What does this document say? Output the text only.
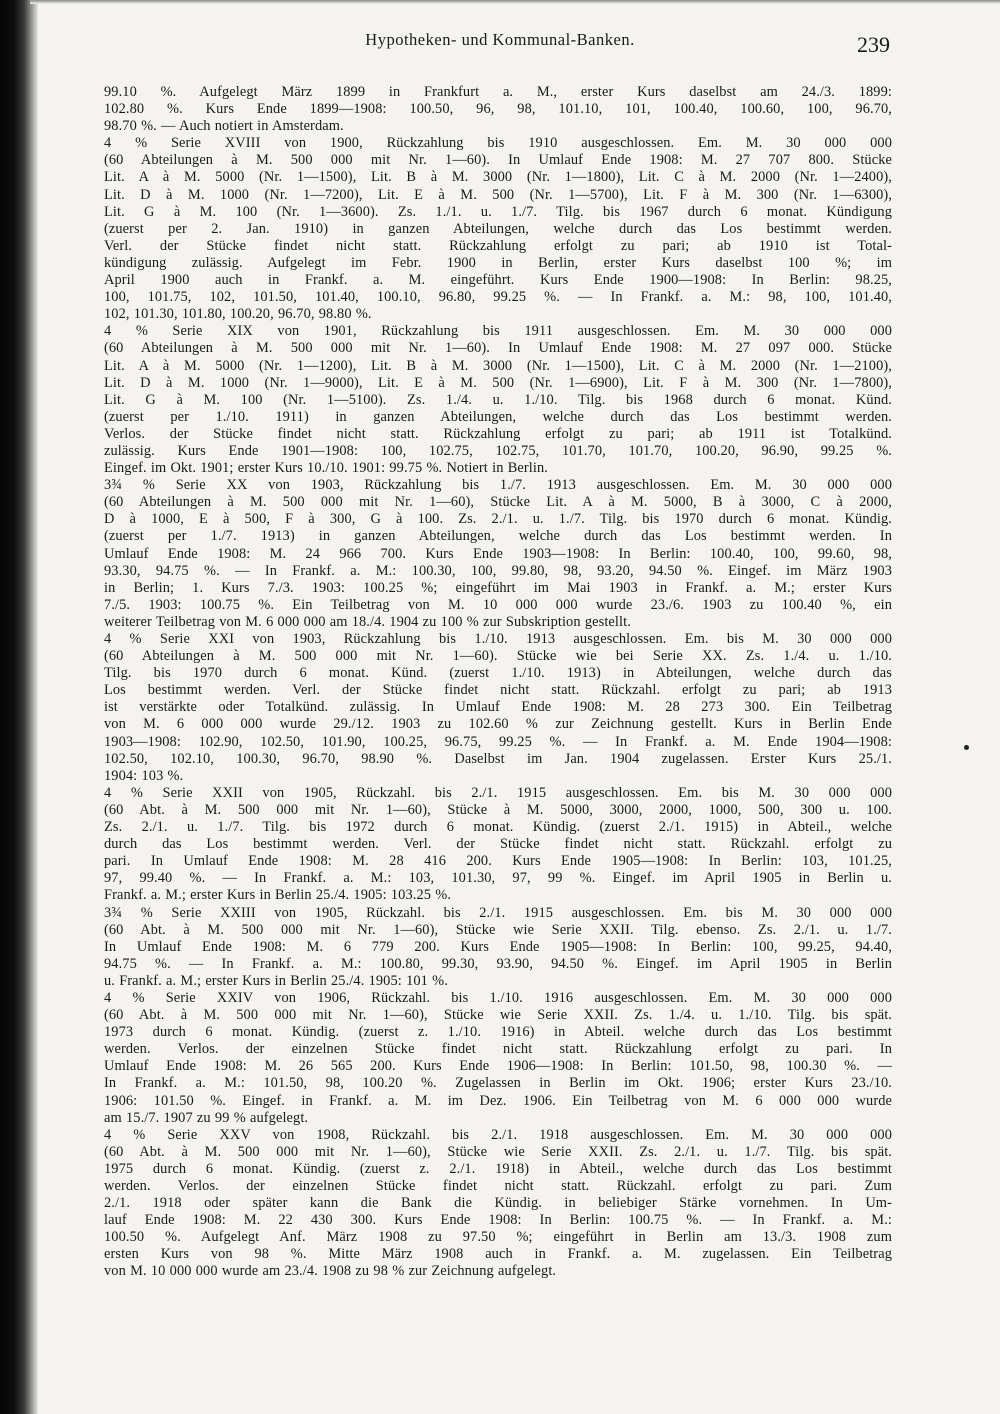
Hypotheken- und Kommunal-Banken.	239
99.10 %. Aufgelegt März 1899 in Frankfurt a. M., erster Kurs daselbst am 24./3. 1899:
102.80 %. Kurs Ende 1899—1908: 100.50, 96, 98, 101.10, 101, 100.40, 100.60, 100, 96.70,
98.70 %. — Auch notiert in Amsterdam.
4 % Serie XVIII von 1900, Rückzahlung bis 1910 ausgeschlossen. Em. M. 30 000 000
(60 Abteilungen à M. 500 000 mit Nr. 1—60). In Umlauf Ende 1908: M. 27 707 800. Stücke
Lit. A à M. 5000 (Nr. 1—1500), Lit. B à M. 3000 (Nr. 1—1800), Lit. C à M. 2000 (Nr. 1—2400),
Lit. D à M. 1000 (Nr. 1—7200), Lit. E à M. 500 (Nr. 1—5700), Lit. F à M. 300 (Nr. 1—6300),
Lit. G à M. 100 (Nr. 1—3600). Zs. 1./1. u. 1./7. Tilg. bis 1967 durch 6 monat. Kündigung
(zuerst per 2. Jan. 1910) in ganzen Abteilungen, welche durch das Los bestimmt werden.
Verl. der Stücke findet nicht statt. Rückzahlung erfolgt zu pari; ab 1910 ist Total-
kündigung zulässig. Aufgelegt im Febr. 1900 in Berlin, erster Kurs daselbst 100 %; im
April 1900 auch in Frankf. a. M. eingeführt. Kurs Ende 1900—1908: In Berlin: 98.25,
100, 101.75, 102, 101.50, 101.40, 100.10, 96.80, 99.25 %. — In Frankf. a. M.: 98, 100, 101.40,
102, 101.30, 101.80, 100.20, 96.70, 98.80 %.
4 % Serie XIX von 1901, Rückzahlung bis 1911 ausgeschlossen. Em. M. 30 000 000
(60 Abteilungen à M. 500 000 mit Nr. 1—60). In Umlauf Ende 1908: M. 27 097 000. Stücke
Lit. A à M. 5000 (Nr. 1—1200), Lit. B à M. 3000 (Nr. 1—1500), Lit. C à M. 2000 (Nr. 1—2100),
Lit. D à M. 1000 (Nr. 1—9000), Lit. E à M. 500 (Nr. 1—6900), Lit. F à M. 300 (Nr. 1—7800),
Lit. G à M. 100 (Nr. 1—5100). Zs. 1./4. u. 1./10. Tilg. bis 1968 durch 6 monat. Künd.
(zuerst per 1./10. 1911) in ganzen Abteilungen, welche durch das Los bestimmt werden.
Verlos. der Stücke findet nicht statt. Rückzahlung erfolgt zu pari; ab 1911 ist Totalkünd.
zulässig. Kurs Ende 1901—1908: 100, 102.75, 102.75, 101.70, 101.70, 100.20, 96.90, 99.25 %.
Eingef. im Okt. 1901; erster Kurs 10./10. 1901: 99.75 %. Notiert in Berlin.
3¾ % Serie XX von 1903, Rückzahlung bis 1./7. 1913 ausgeschlossen. Em. M. 30 000 000
(60 Abteilungen à M. 500 000 mit Nr. 1—60), Stücke Lit. A à M. 5000, B à 3000, C à 2000,
D à 1000, E à 500, F à 300, G à 100. Zs. 2./1. u. 1./7. Tilg. bis 1970 durch 6 monat. Kündig.
(zuerst per 1./7. 1913) in ganzen Abteilungen, welche durch das Los bestimmt werden. In
Umlauf Ende 1908: M. 24 966 700. Kurs Ende 1903—1908: In Berlin: 100.40, 100, 99.60, 98,
93.30, 94.75 %. — In Frankf. a. M.: 100.30, 100, 99.80, 98, 93.20, 94.50 %. Eingef. im März 1903
in Berlin; 1. Kurs 7./3. 1903: 100.25 %; eingeführt im Mai 1903 in Frankf. a. M.; erster Kurs
7./5. 1903: 100.75 %. Ein Teilbetrag von M. 10 000 000 wurde 23./6. 1903 zu 100.40 %, ein
weiterer Teilbetrag von M. 6 000 000 am 18./4. 1904 zu 100 % zur Subskription gestellt.
4 % Serie XXI von 1903, Rückzahlung bis 1./10. 1913 ausgeschlossen. Em. bis M. 30 000 000
(60 Abteilungen à M. 500 000 mit Nr. 1—60). Stücke wie bei Serie XX. Zs. 1./4. u. 1./10.
Tilg. bis 1970 durch 6 monat. Künd. (zuerst 1./10. 1913) in Abteilungen, welche durch das
Los bestimmt werden. Verl. der Stücke findet nicht statt. Rückzahl. erfolgt zu pari; ab 1913
ist verstärkte oder Totalkünd. zulässig. In Umlauf Ende 1908: M. 28 273 300. Ein Teilbetrag
von M. 6 000 000 wurde 29./12. 1903 zu 102.60 % zur Zeichnung gestellt. Kurs in Berlin Ende
1903—1908: 102.90, 102.50, 101.90, 100.25, 96.75, 99.25 %. — In Frankf. a. M. Ende 1904—1908:
102.50, 102.10, 100.30, 96.70, 98.90 %. Daselbst im Jan. 1904 zugelassen. Erster Kurs 25./1.
1904: 103 %.
4 % Serie XXII von 1905, Rückzahl. bis 2./1. 1915 ausgeschlossen. Em. bis M. 30 000 000
(60 Abt. à M. 500 000 mit Nr. 1—60), Stücke à M. 5000, 3000, 2000, 1000, 500, 300 u. 100.
Zs. 2./1. u. 1./7. Tilg. bis 1972 durch 6 monat. Kündig. (zuerst 2./1. 1915) in Abteil., welche
durch das Los bestimmt werden. Verl. der Stücke findet nicht statt. Rückzahl. erfolgt zu
pari. In Umlauf Ende 1908: M. 28 416 200. Kurs Ende 1905—1908: In Berlin: 103, 101.25,
97, 99.40 %. — In Frankf. a. M.: 103, 101.30, 97, 99 %. Eingef. im April 1905 in Berlin u.
Frankf. a. M.; erster Kurs in Berlin 25./4. 1905: 103.25 %.
3¾ % Serie XXIII von 1905, Rückzahl. bis 2./1. 1915 ausgeschlossen. Em. bis M. 30 000 000
(60 Abt. à M. 500 000 mit Nr. 1—60), Stücke wie Serie XXII. Tilg. ebenso. Zs. 2./1. u. 1./7.
In Umlauf Ende 1908: M. 6 779 200. Kurs Ende 1905—1908: In Berlin: 100, 99.25, 94.40,
94.75 %. — In Frankf. a. M.: 100.80, 99.30, 93.90, 94.50 %. Eingef. im April 1905 in Berlin
u. Frankf. a. M.; erster Kurs in Berlin 25./4. 1905: 101 %.
4 % Serie XXIV von 1906, Rückzahl. bis 1./10. 1916 ausgeschlossen. Em. M. 30 000 000
(60 Abt. à M. 500 000 mit Nr. 1—60), Stücke wie Serie XXII. Zs. 1./4. u. 1./10. Tilg. bis spät.
1973 durch 6 monat. Kündig. (zuerst z. 1./10. 1916) in Abteil. welche durch das Los bestimmt
werden. Verlos. der einzelnen Stücke findet nicht statt. Rückzahlung erfolgt zu pari. In
Umlauf Ende 1908: M. 26 565 200. Kurs Ende 1906—1908: In Berlin: 101.50, 98, 100.30 %. —
In Frankf. a. M.: 101.50, 98, 100.20 %. Zugelassen in Berlin im Okt. 1906; erster Kurs 23./10.
1906: 101.50 %. Eingef. in Frankf. a. M. im Dez. 1906. Ein Teilbetrag von M. 6 000 000 wurde
am 15./7. 1907 zu 99 % aufgelegt.
4 % Serie XXV von 1908, Rückzahl. bis 2./1. 1918 ausgeschlossen. Em. M. 30 000 000
(60 Abt. à M. 500 000 mit Nr. 1—60), Stücke wie Serie XXII. Zs. 2./1. u. 1./7. Tilg. bis spät.
1975 durch 6 monat. Kündig. (zuerst z. 2./1. 1918) in Abteil., welche durch das Los bestimmt
werden. Verlos. der einzelnen Stücke findet nicht statt. Rückzahl. erfolgt zu pari. Zum
2./1. 1918 oder später kann die Bank die Kündig. in beliebiger Stärke vornehmen. In Um-
lauf Ende 1908: M. 22 430 300. Kurs Ende 1908: In Berlin: 100.75 %. — In Frankf. a. M.:
100.50 %. Aufgelegt Anf. März 1908 zu 97.50 %; eingeführt in Berlin am 13./3. 1908 zum
ersten Kurs von 98 %. Mitte März 1908 auch in Frankf. a. M. zugelassen. Ein Teilbetrag
von M. 10 000 000 wurde am 23./4. 1908 zu 98 % zur Zeichnung aufgelegt.
